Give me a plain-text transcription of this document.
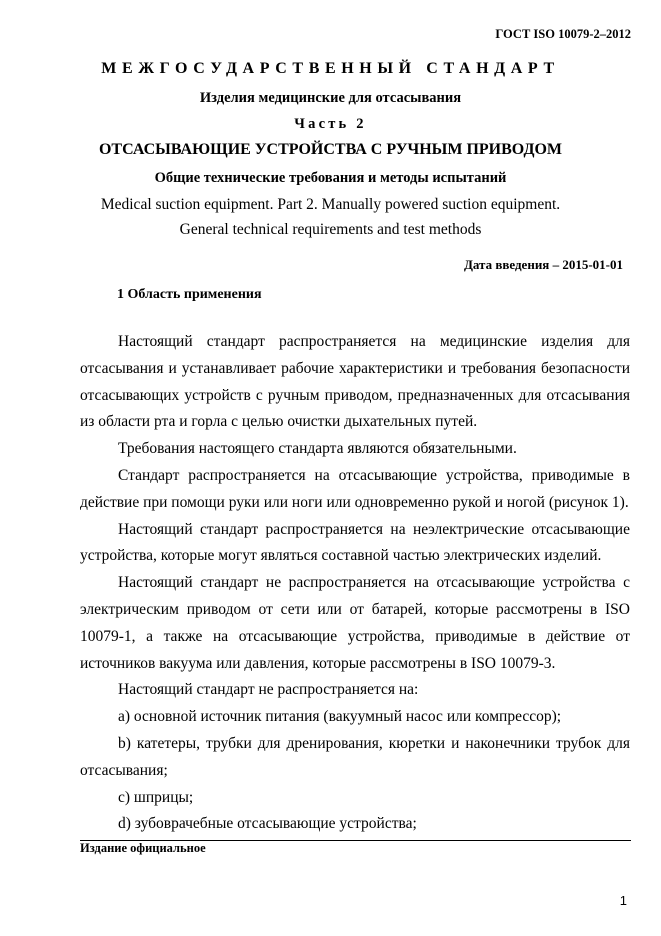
ГОСТ ISO 10079-2–2012
МЕЖГОСУДАРСТВЕННЫЙ СТАНДАРТ
Изделия медицинские для отсасывания
Часть 2
ОТСАСЫВАЮЩИЕ УСТРОЙСТВА С РУЧНЫМ ПРИВОДОМ
Общие технические требования и методы испытаний
Medical suction equipment. Part 2. Manually powered suction equipment.
General technical requirements and test methods
Дата введения – 2015-01-01
1 Область применения

Настоящий стандарт распространяется на медицинские изделия для отсасывания и устанавливает рабочие характеристики и требования безопасности отсасывающих устройств с ручным приводом, предназначенных для отсасывания из области рта и горла с целью очистки дыхательных путей.

Требования настоящего стандарта являются обязательными.

Стандарт распространяется на отсасывающие устройства, приводимые в действие при помощи руки или ноги или одновременно рукой и ногой (рисунок 1).

Настоящий стандарт распространяется на неэлектрические отсасывающие устройства, которые могут являться составной частью электрических изделий.

Настоящий стандарт не распространяется на отсасывающие устройства с электрическим приводом от сети или от батарей, которые рассмотрены в ISO 10079-1, а также на отсасывающие устройства, приводимые в действие от источников вакуума или давления, которые рассмотрены в ISO 10079-3.

Настоящий стандарт не распространяется на:

a) основной источник питания (вакуумный насос или компрессор);

b) катетеры, трубки для дренирования, кюретки и наконечники трубок для отсасывания;

c) шприцы;

d) зубоврачебные отсасывающие устройства;

Издание официальное
1
